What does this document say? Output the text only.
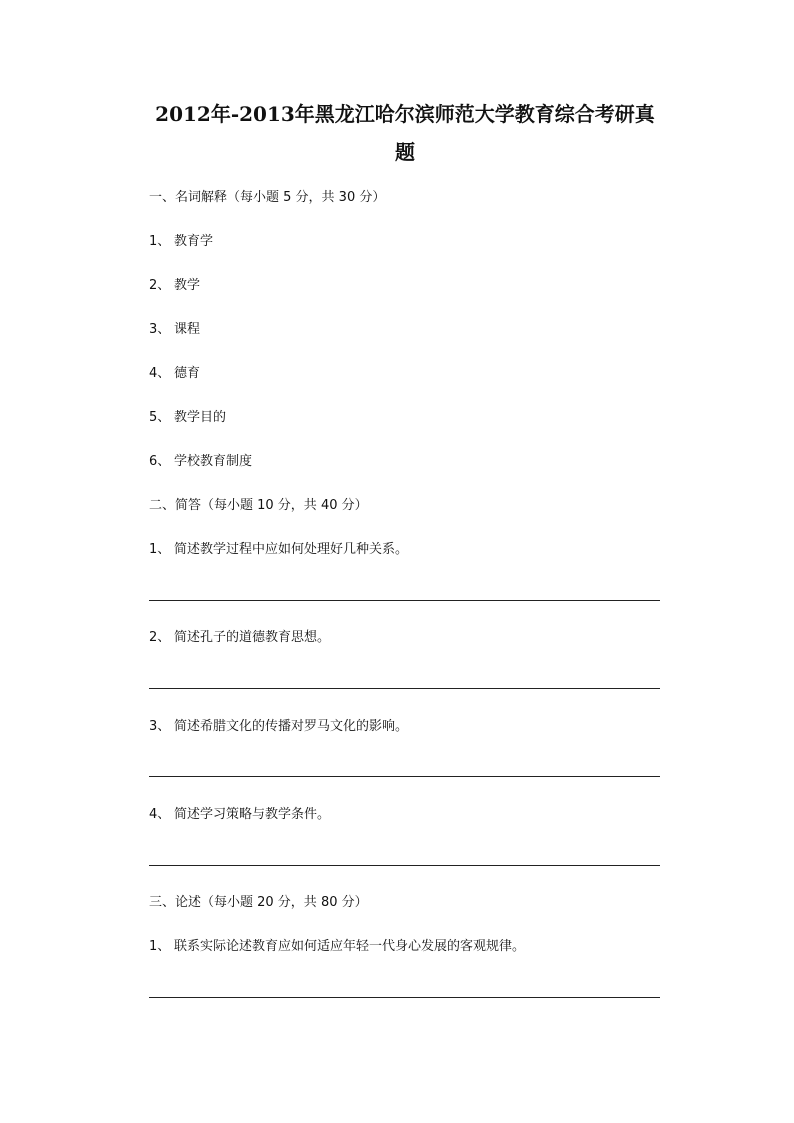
2012年-2013年黑龙江哈尔滨师范大学教育综合考研真
题
一、名词解释（每小题 5 分，共 30 分）
1、 教育学
2、 教学
3、 课程
4、 德育
5、 教学目的
6、 学校教育制度
二、简答（每小题 10 分，共 40 分）
1、 简述教学过程中应如何处理好几种关系。
2、 简述孔子的道德教育思想。
3、 简述希腊文化的传播对罗马文化的影响。
4、 简述学习策略与教学条件。
三、论述（每小题 20 分，共 80 分）
1、 联系实际论述教育应如何适应年轻一代身心发展的客观规律。
